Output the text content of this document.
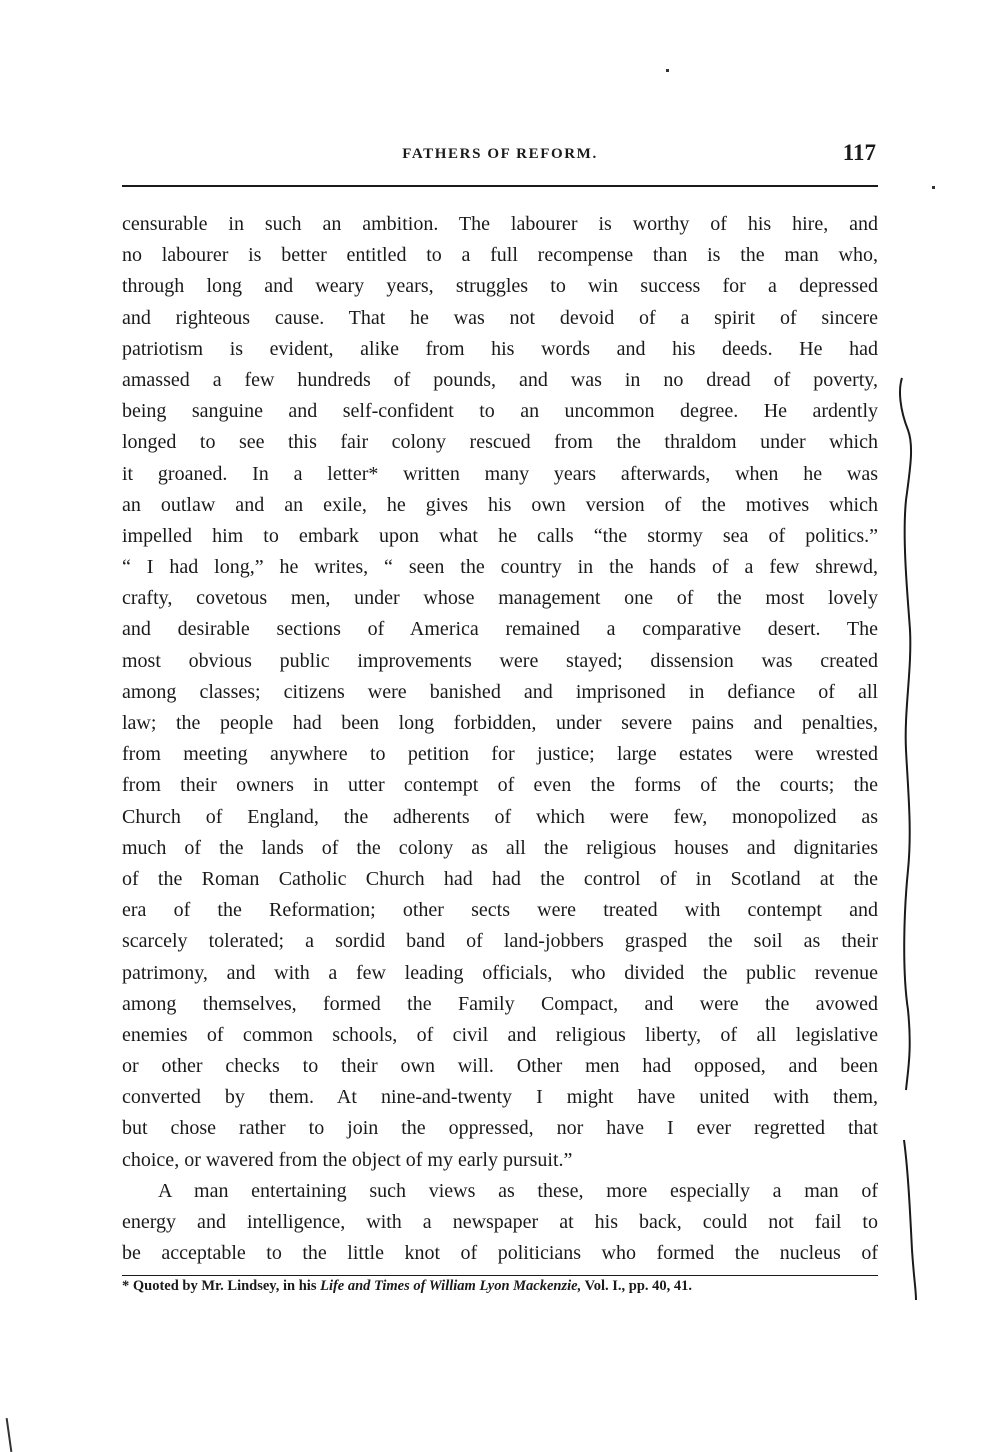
FATHERS OF REFORM.	117
censurable in such an ambition. The labourer is worthy of his hire, and
no labourer is better entitled to a full recompense than is the man who,
through long and weary years, struggles to win success for a depressed
and righteous cause. That he was not devoid of a spirit of sincere
patriotism is evident, alike from his words and his deeds. He had
amassed a few hundreds of pounds, and was in no dread of poverty,
being sanguine and self-confident to an uncommon degree. He ardently
longed to see this fair colony rescued from the thraldom under which
it groaned. In a letter* written many years afterwards, when he was
an outlaw and an exile, he gives his own version of the motives which
impelled him to embark upon what he calls “the stormy sea of politics.”
“ I had long,” he writes, “ seen the country in the hands of a few shrewd,
crafty, covetous men, under whose management one of the most lovely
and desirable sections of America remained a comparative desert. The
most obvious public improvements were stayed; dissension was created
among classes; citizens were banished and imprisoned in defiance of all
law; the people had been long forbidden, under severe pains and penalties,
from meeting anywhere to petition for justice; large estates were wrested
from their owners in utter contempt of even the forms of the courts; the
Church of England, the adherents of which were few, monopolized as
much of the lands of the colony as all the religious houses and dignitaries
of the Roman Catholic Church had had the control of in Scotland at the
era of the Reformation; other sects were treated with contempt and
scarcely tolerated; a sordid band of land-jobbers grasped the soil as their
patrimony, and with a few leading officials, who divided the public revenue
among themselves, formed the Family Compact, and were the avowed
enemies of common schools, of civil and religious liberty, of all legislative
or other checks to their own will. Other men had opposed, and been
converted by them. At nine-and-twenty I might have united with them,
but chose rather to join the oppressed, nor have I ever regretted that
choice, or wavered from the object of my early pursuit.”
A man entertaining such views as these, more especially a man of
energy and intelligence, with a newspaper at his back, could not fail to
be acceptable to the little knot of politicians who formed the nucleus of
* Quoted by Mr. Lindsey, in his Life and Times of William Lyon Mackenzie, Vol. I., pp. 40, 41.
